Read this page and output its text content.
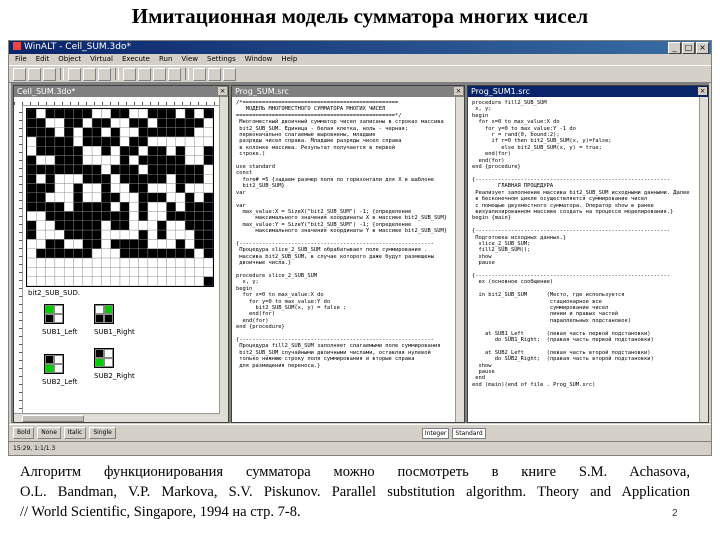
Имитационная модель сумматора многих чисел
WinALT - Cell_SUM.3do*	_	□ ×
File Edit Object Virtual Execute Run View Settings Window Help
Cell_SUM.3do*	×
bit2_SUB_SUD.
SUB1_Left SUB1_Right
SUB2_Left
SUB2_Right
Prog_SUM.src	×
/*================================================
МОДЕЛЬ МНОГОМЕСТНОГО СУММАТОРА МНОГИХ ЧИСЕЛ
=================================================*/
Многоместный двоичный сумматор чисел записаны в строках массива
bit2_SUB_SUM. Единица - белая клетка, ноль - черная;
первоначально слагаемые выровнены, младшие
разряды чисел справа. Младшие разряды чисел справа
в колонке массива. Результат получается в первой
строке.)

use standard
const
fore# =5 {задаем размер поля по горизонтали для X в шаблоне
bit2_SUB_SUM}
var

var
max_value:X = SizeX("bit2_SUB_SUM") -1; {определение
максимального значения координаты X в массиве bit2_SUB_SUM}
max_value:Y = SizeY("bit2_SUB_SUM") -1; {определение
максимального значения координаты Y в массиве bit2_SUB_SUM}

{------------------------------------------------------------
Процедура slice_2_SUB_SUM обрабатывает поле суммирования .
массива bit2_SUB_SUM, в случае которого даже будут размещены
двоичные числа.}

procedure slice_2_SUB_SUM
x, y;
begin
for x=0 to max_value:X do
for y=0 to max_value:Y do
bit2_SUB_SUM(x, y) = false ;
end(for)
end(for)
end {procedure}

{------------------------------------------------------------
Процедура fill2_SUB_SUM заполняет слагаемыми поле суммирования
bit2_SUB_SUM случайными двоичными числами, оставляя нулевой
только нижнюю строку поля суммирования и вторые справа
для размещения переноса.}
Prog_SUM1.src	×
procedure fill2_SUB_SUM
x, y;
begin
for x=0 to max_value:X do
for y=0 to max_value:Y -1 do
r = rand(0, bound:2);
if r=0 then bit2_SUB_SUM(x, y)=false;
else bit2_SUB_SUM(x, y) = true;
end(for)
end(for)
end {procedure}

{------------------------------------------------------------
ГЛАВНАЯ ПРОЦЕДУРА
Реализует заполнение массива bit2_SUB_SUM исходными данными. Далее
в бесконечном цикле осуществляется суммирование чисел
с помощью двухместного сумматора. Оператор show в ранее
визуализированном массиве создать на процессе моделирования.}
begin {main}

{------------------------------------------------------------
Подготовка исходных данных.}
slice_2_SUB_SUM;
fill2_SUB_SUM();
show
pause

{------------------------------------------------------------
ex (основное сообщение)

in bit2_SUB_SUM      (Место, где используется
стационарное все
суммирование чисел
линии и правых частей
параллельных подстановок)

at SUB1_Left       (левая часть первой подстановки)
do SUB1_Right;  (правая часть первой подстановки)

at SUB2_Left       (левая часть второй подстановки)
do SUB2_Right;  (правая часть второй подстановки)
show
pause
end
end (main)(end of file . Prog_SUM.src)
Bold	None	Italic	Single	Integer	Standard
15:29, 1:1/1.3
Алгоритм функционирования сумматора можно посмотреть в книге S.M. Achasova,
O.L. Bandman, V.P. Markova, S.V. Piskunov. Parallel substitution algorithm. Theory and Application
// World Scientific, Singapore, 1994 на стр. 7-8.	2
